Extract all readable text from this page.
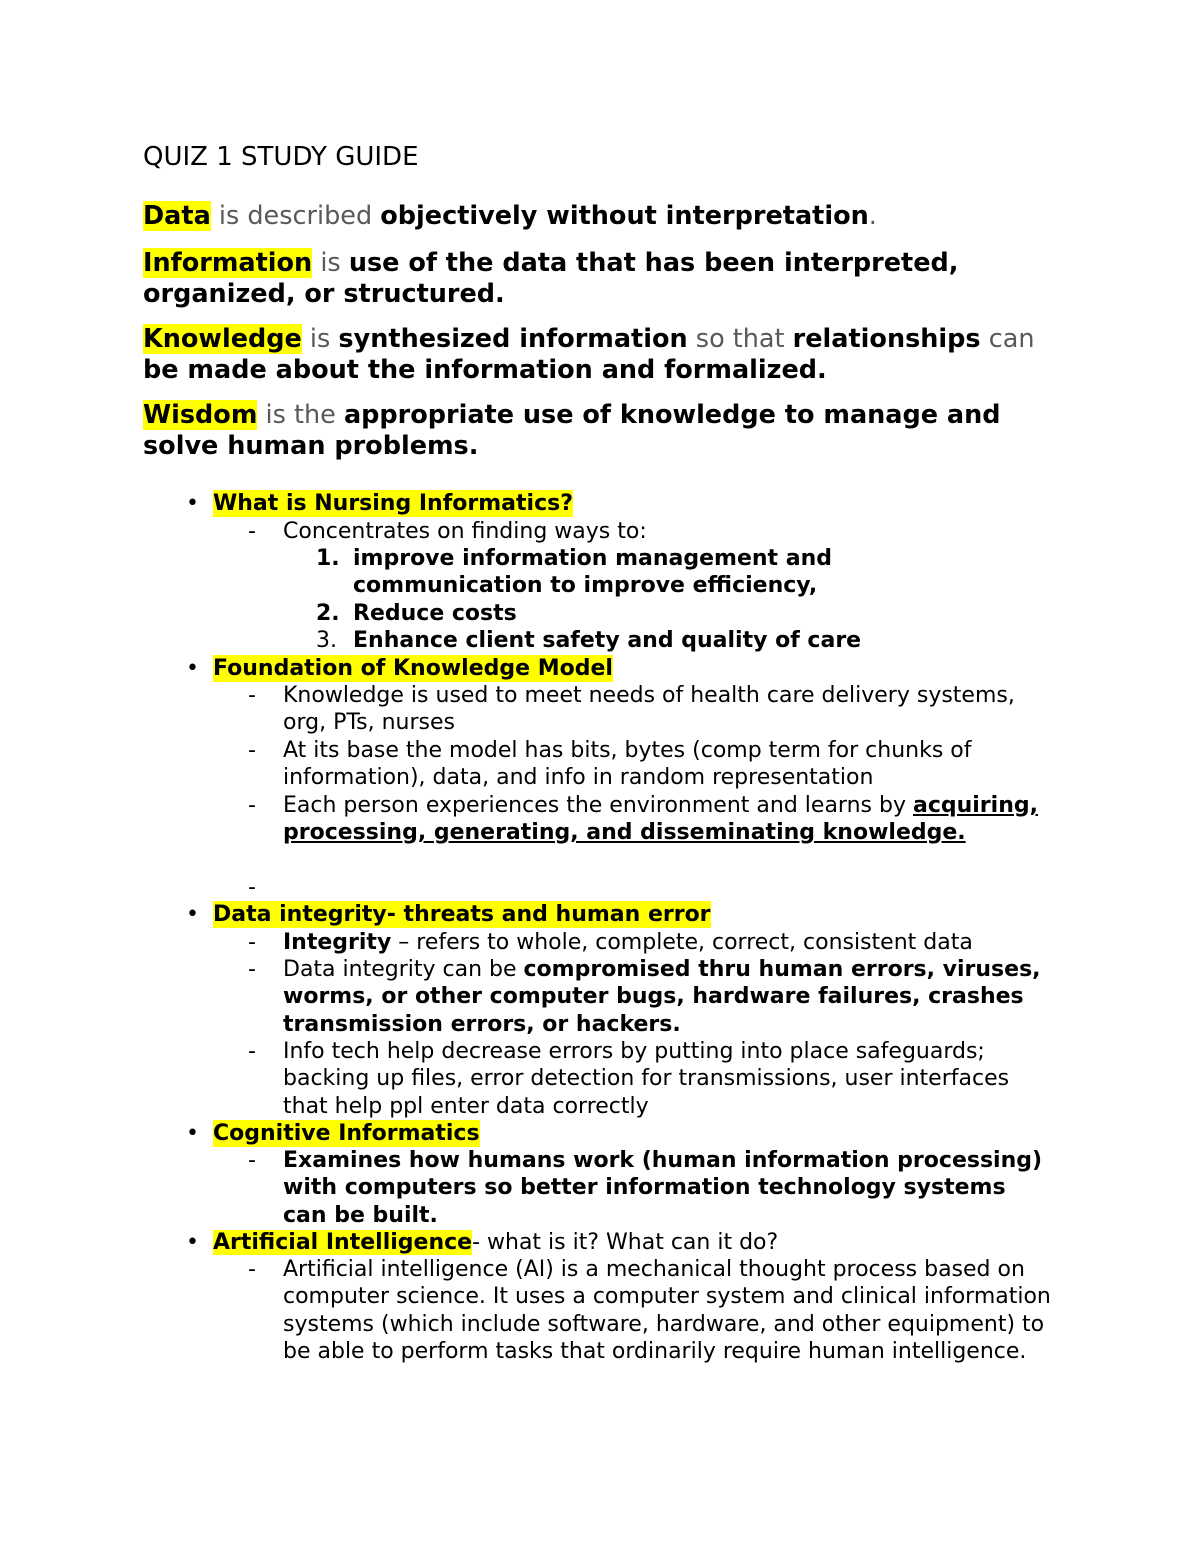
QUIZ 1 STUDY GUIDE
Data is described objectively without interpretation.
Information is use of the data that has been interpreted, organized, or structured.
Knowledge is synthesized information so that relationships can be made about the information and formalized.
Wisdom is the appropriate use of knowledge to manage and solve human problems.
• What is Nursing Informatics?
- Concentrates on finding ways to:
1. improve information management and communication to improve efficiency,
2. Reduce costs
3. Enhance client safety and quality of care
• Foundation of Knowledge Model
- Knowledge is used to meet needs of health care delivery systems, org, PTs, nurses
- At its base the model has bits, bytes (comp term for chunks of information), data, and info in random representation
- Each person experiences the environment and learns by acquiring, processing, generating, and disseminating knowledge.
-
• Data integrity- threats and human error
- Integrity – refers to whole, complete, correct, consistent data
- Data integrity can be compromised thru human errors, viruses, worms, or other computer bugs, hardware failures, crashes transmission errors, or hackers.
- Info tech help decrease errors by putting into place safeguards; backing up files, error detection for transmissions, user interfaces that help ppl enter data correctly
• Cognitive Informatics
- Examines how humans work (human information processing) with computers so better information technology systems can be built.
• Artificial Intelligence- what is it? What can it do?
- Artificial intelligence (AI) is a mechanical thought process based on computer science. It uses a computer system and clinical information systems (which include software, hardware, and other equipment) to be able to perform tasks that ordinarily require human intelligence.
